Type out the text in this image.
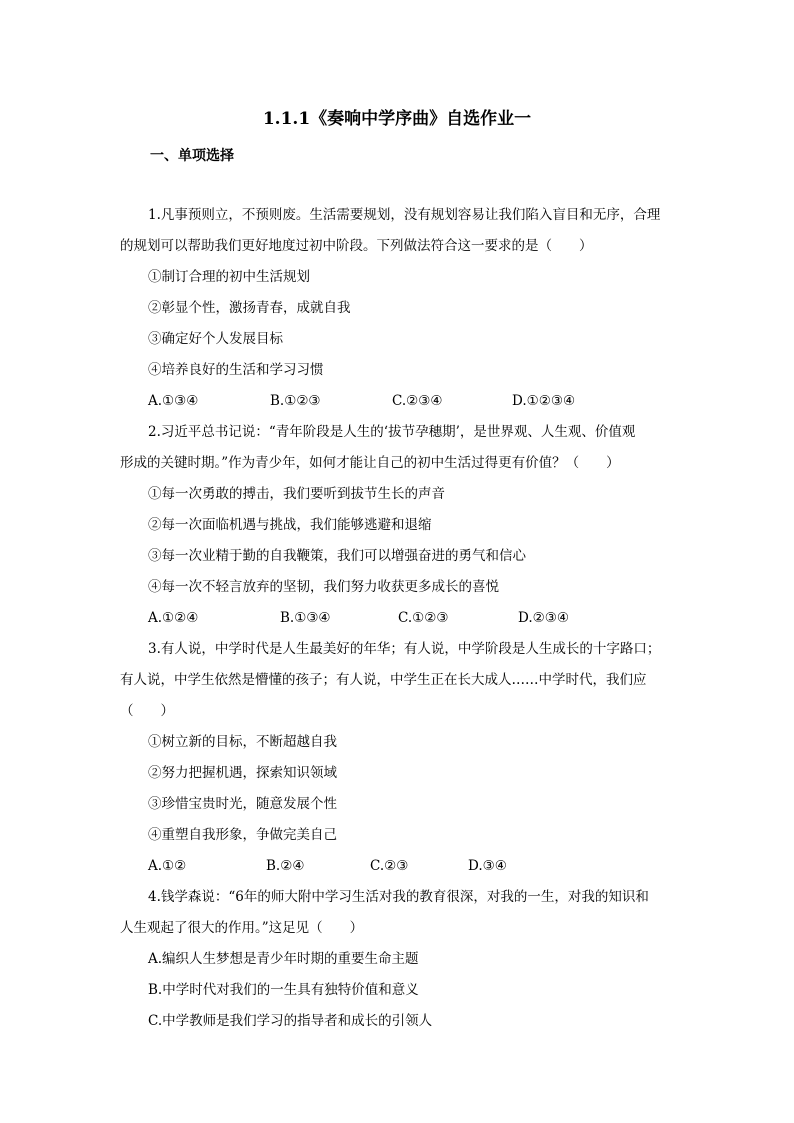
1.1.1《奏响中学序曲》自选作业一
一、单项选择
1.凡事预则立，不预则废。生活需要规划，没有规划容易让我们陷入盲目和无序，合理
的规划可以帮助我们更好地度过初中阶段。下列做法符合这一要求的是（　　）
①制订合理的初中生活规划
②彰显个性，激扬青春，成就自我
③确定好个人发展目标
④培养良好的生活和学习习惯
A.①③④	B.①②③	C.②③④	D.①②③④
2.习近平总书记说：“青年阶段是人生的‘拔节孕穗期’，是世界观、人生观、价值观
形成的关键时期。”作为青少年，如何才能让自己的初中生活过得更有价值？（　　）
①每一次勇敢的搏击，我们要听到拔节生长的声音
②每一次面临机遇与挑战，我们能够逃避和退缩
③每一次业精于勤的自我鞭策，我们可以增强奋进的勇气和信心
④每一次不轻言放弃的坚韧，我们努力收获更多成长的喜悦
A.①②④	B.①③④	C.①②③	D.②③④
3.有人说，中学时代是人生最美好的年华；有人说，中学阶段是人生成长的十字路口；
有人说，中学生依然是懵懂的孩子；有人说，中学生正在长大成人……中学时代，我们应
（　　）
①树立新的目标，不断超越自我
②努力把握机遇，探索知识领域
③珍惜宝贵时光，随意发展个性
④重塑自我形象，争做完美自己
A.①②	B.②④	C.②③	D.③④
4.钱学森说：“6年的师大附中学习生活对我的教育很深，对我的一生，对我的知识和
人生观起了很大的作用。”这足见（　　）
A.编织人生梦想是青少年时期的重要生命主题
B.中学时代对我们的一生具有独特价值和意义
C.中学教师是我们学习的指导者和成长的引领人
